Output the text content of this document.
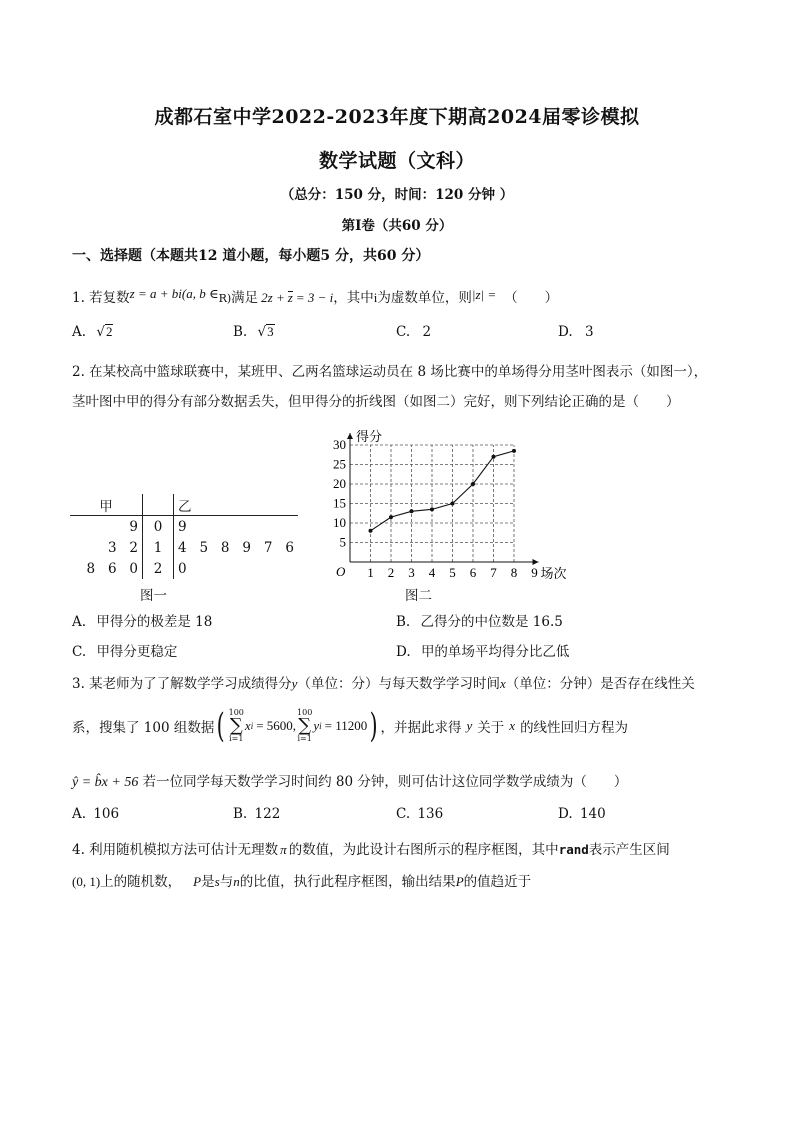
成都石室中学2022-2023年度下期高2024届零诊模拟
数学试题（文科）
（总分：150 分，时间：120 分钟 ）
第Ⅰ卷（共60 分）
一、选择题（本题共12 道小题，每小题5 分，共60 分）
1. 若复数z = a + bi(a, b ∈R)满足 2z + z = 3 − i，其中i为虚数单位，则|z| = （　　）
A. √2	B. √3	C. 2	D. 3
2. 在某校高中篮球联赛中，某班甲、乙两名篮球运动员在 8 场比赛中的单场得分用茎叶图表示（如图一），
茎叶图中甲的得分有部分数据丢失，但甲得分的折线图（如图二）完好，则下列结论正确的是（　　）
甲		乙
9	0	9
3   2	1	4   5   8   9   7   6
8   6   0	2	0
图一
1 2 3 4 5 6 7 8 9
5
10
15
20
25
30
得分
场次
O
图二
A. 甲得分的极差是 18	B. 乙得分的中位数是 16.5
C. 甲得分更稳定	D. 甲的单场平均得分比乙低
3. 某老师为了了解数学学习成绩得分y（单位：分）与每天数学学习时间x（单位：分钟）是否存在线性关
系，搜集了 100 组数据 ( 100
∑
i=1
x i = 5600,
100
∑
i=1
y i = 11200 ) ，并据此求得 y 关于 x 的线性回归方程为
ŷ = b̂x + 56 若一位同学每天数学学习时间约 80 分钟，则可估计这位同学数学成绩为（　　）
A. 106	B. 122	C. 136	D. 140
4. 利用随机模拟方法可估计无理数 π 的数值，为此设计右图所示的程序框图，其中rand表示产生区间
(0, 1)上的随机数， P是s与n的比值，执行此程序框图，输出结果P的值趋近于
